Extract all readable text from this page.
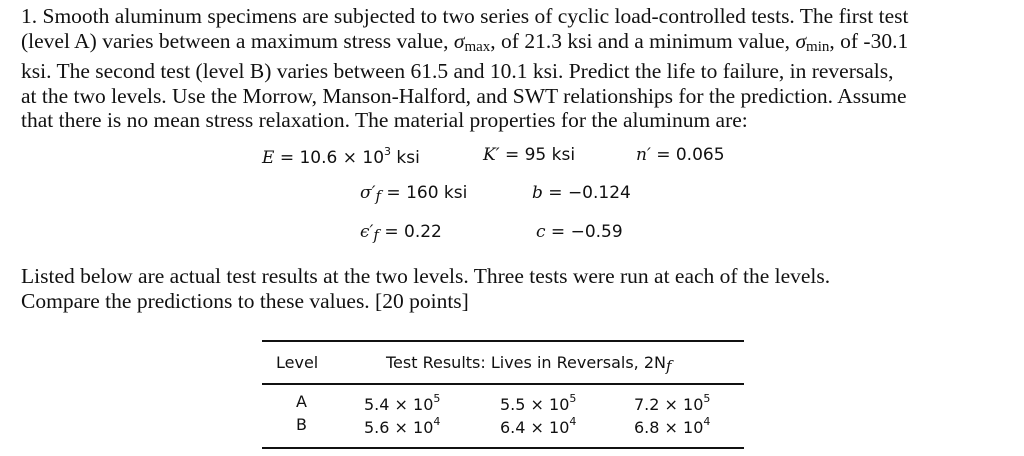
1. Smooth aluminum specimens are subjected to two series of cyclic load-controlled tests. The first test
(level A) varies between a maximum stress value, $\sigma_{max}$, of 21.3 ksi and a minimum value, $\sigma_{min}$, of -30.1
ksi. The second test (level B) varies between 61.5 and 10.1 ksi. Predict the life to failure, in reversals,
at the two levels. Use the Morrow, Manson-Halford, and SWT relationships for the prediction. Assume
that there is no mean stress relaxation. The material properties for the aluminum are:
$E = 10.6 \times 10^3$ ksi	K′ = 95 ksi	n′ = 0.065
σ′f = 160 ksi	b = −0.124
ϵ′f = 0.22	c = −0.59
Listed below are actual test results at the two levels. Three tests were run at each of the levels.
Compare the predictions to these values. [20 points]
Level	Test Results: Lives in Reversals, 2Nf
A	$5.4 \times 10^5$	$5.5 \times 10^5$	$7.2 \times 10^5$
B	$5.6 \times 10^4$	$6.4 \times 10^4$	$6.8 \times 10^4$
